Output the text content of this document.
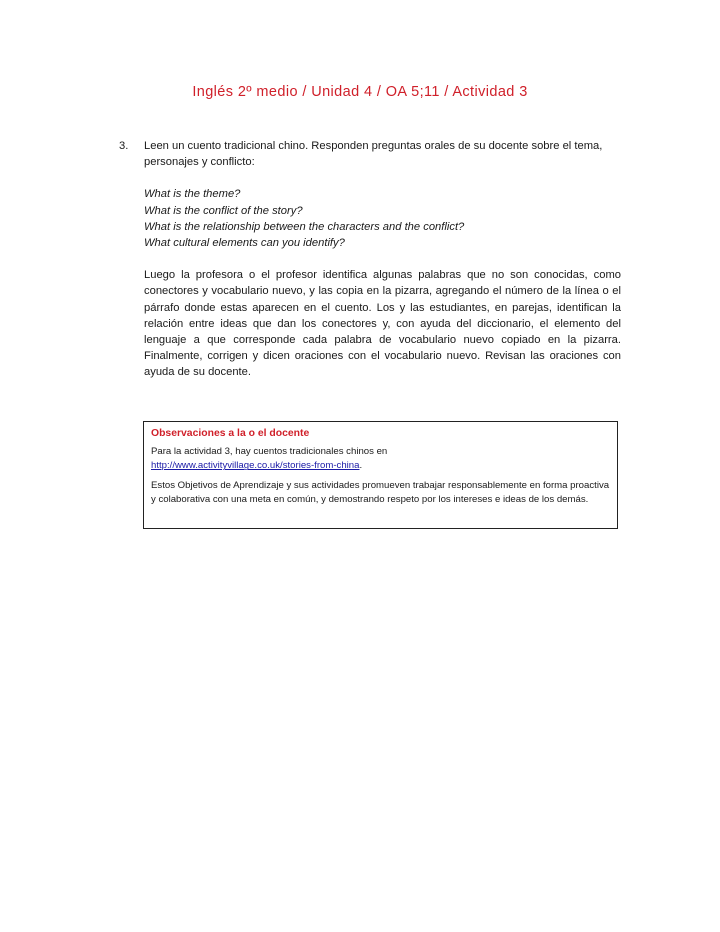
Inglés 2º medio / Unidad 4 / OA 5;11 / Actividad 3
3.	Leen un cuento tradicional chino. Responden preguntas orales de su docente sobre el tema, personajes y conflicto:
What is the theme?
What is the conflict of the story?
What is the relationship between the characters and the conflict?
What cultural elements can you identify?

Luego la profesora o el profesor identifica algunas palabras que no son conocidas, como conectores y vocabulario nuevo, y las copia en la pizarra, agregando el número de la línea o el párrafo donde estas aparecen en el cuento. Los y las estudiantes, en parejas, identifican la relación entre ideas que dan los conectores y, con ayuda del diccionario, el elemento del lenguaje a que corresponde cada palabra de vocabulario nuevo copiado en la pizarra. Finalmente, corrigen y dicen oraciones con el vocabulario nuevo. Revisan las oraciones con ayuda de su docente.

Observaciones a la o el docente

Para la actividad 3, hay cuentos tradicionales chinos en
http://www.activityvillage.co.uk/stories-from-china.

Estos Objetivos de Aprendizaje y sus actividades promueven trabajar responsablemente en forma proactiva y colaborativa con una meta en común, y demostrando respeto por los intereses e ideas de los demás.
